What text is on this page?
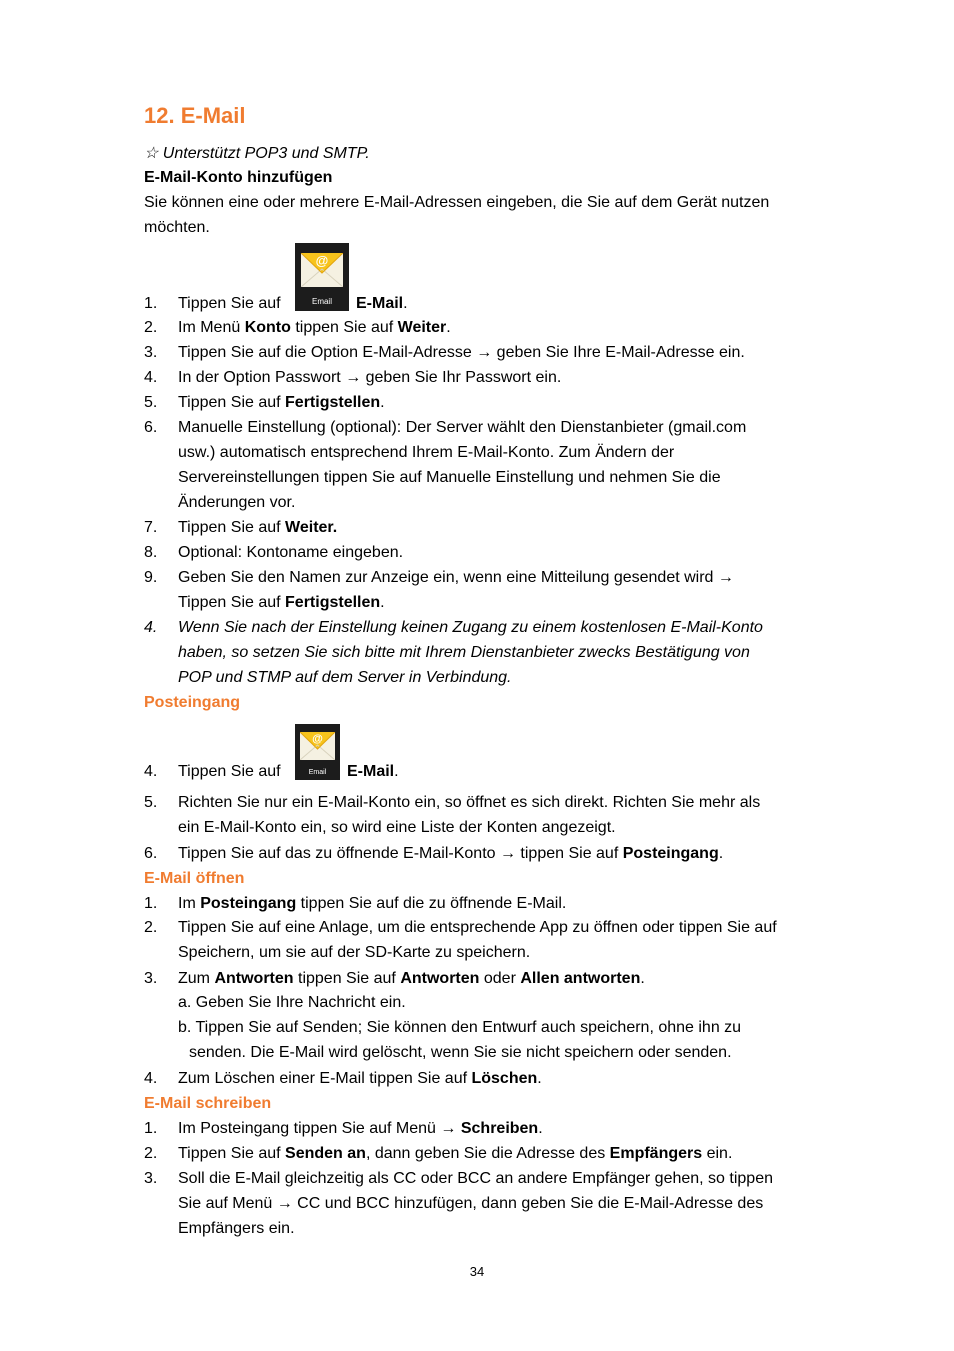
12. E-Mail
☆ Unterstützt POP3 und SMTP.
E-Mail-Konto hinzufügen
Sie können eine oder mehrere E-Mail-Adressen eingeben, die Sie auf dem Gerät nutzen
möchten.
1. Tippen Sie auf
@
Email	E-Mail.
2. Im Menü Konto tippen Sie auf Weiter.
3. Tippen Sie auf die Option E-Mail-Adresse → geben Sie Ihre E-Mail-Adresse ein.
4. In der Option Passwort → geben Sie Ihr Passwort ein.
5. Tippen Sie auf Fertigstellen.
6. Manuelle Einstellung (optional): Der Server wählt den Dienstanbieter (gmail.com
usw.) automatisch entsprechend Ihrem E-Mail-Konto. Zum Ändern der
Servereinstellungen tippen Sie auf Manuelle Einstellung und nehmen Sie die
Änderungen vor.
7. Tippen Sie auf Weiter.
8. Optional: Kontoname eingeben.
9. Geben Sie den Namen zur Anzeige ein, wenn eine Mitteilung gesendet wird →
Tippen Sie auf Fertigstellen.
4. Wenn Sie nach der Einstellung keinen Zugang zu einem kostenlosen E-Mail-Konto
haben, so setzen Sie sich bitte mit Ihrem Dienstanbieter zwecks Bestätigung von
POP und STMP auf dem Server in Verbindung.
Posteingang
4. Tippen Sie auf
@
Email	E-Mail.
5. Richten Sie nur ein E-Mail-Konto ein, so öffnet es sich direkt. Richten Sie mehr als
ein E-Mail-Konto ein, so wird eine Liste der Konten angezeigt.
6. Tippen Sie auf das zu öffnende E-Mail-Konto → tippen Sie auf Posteingang.
E-Mail öffnen
1. Im Posteingang tippen Sie auf die zu öffnende E-Mail.
2. Tippen Sie auf eine Anlage, um die entsprechende App zu öffnen oder tippen Sie auf
Speichern, um sie auf der SD-Karte zu speichern.
3. Zum Antworten tippen Sie auf Antworten oder Allen antworten.
a. Geben Sie Ihre Nachricht ein.
b. Tippen Sie auf Senden; Sie können den Entwurf auch speichern, ohne ihn zu
senden. Die E-Mail wird gelöscht, wenn Sie sie nicht speichern oder senden.
4. Zum Löschen einer E-Mail tippen Sie auf Löschen.
E-Mail schreiben
1. Im Posteingang tippen Sie auf Menü → Schreiben.
2. Tippen Sie auf Senden an, dann geben Sie die Adresse des Empfängers ein.
3. Soll die E-Mail gleichzeitig als CC oder BCC an andere Empfänger gehen, so tippen
Sie auf Menü → CC und BCC hinzufügen, dann geben Sie die E-Mail-Adresse des
Empfängers ein.
34
